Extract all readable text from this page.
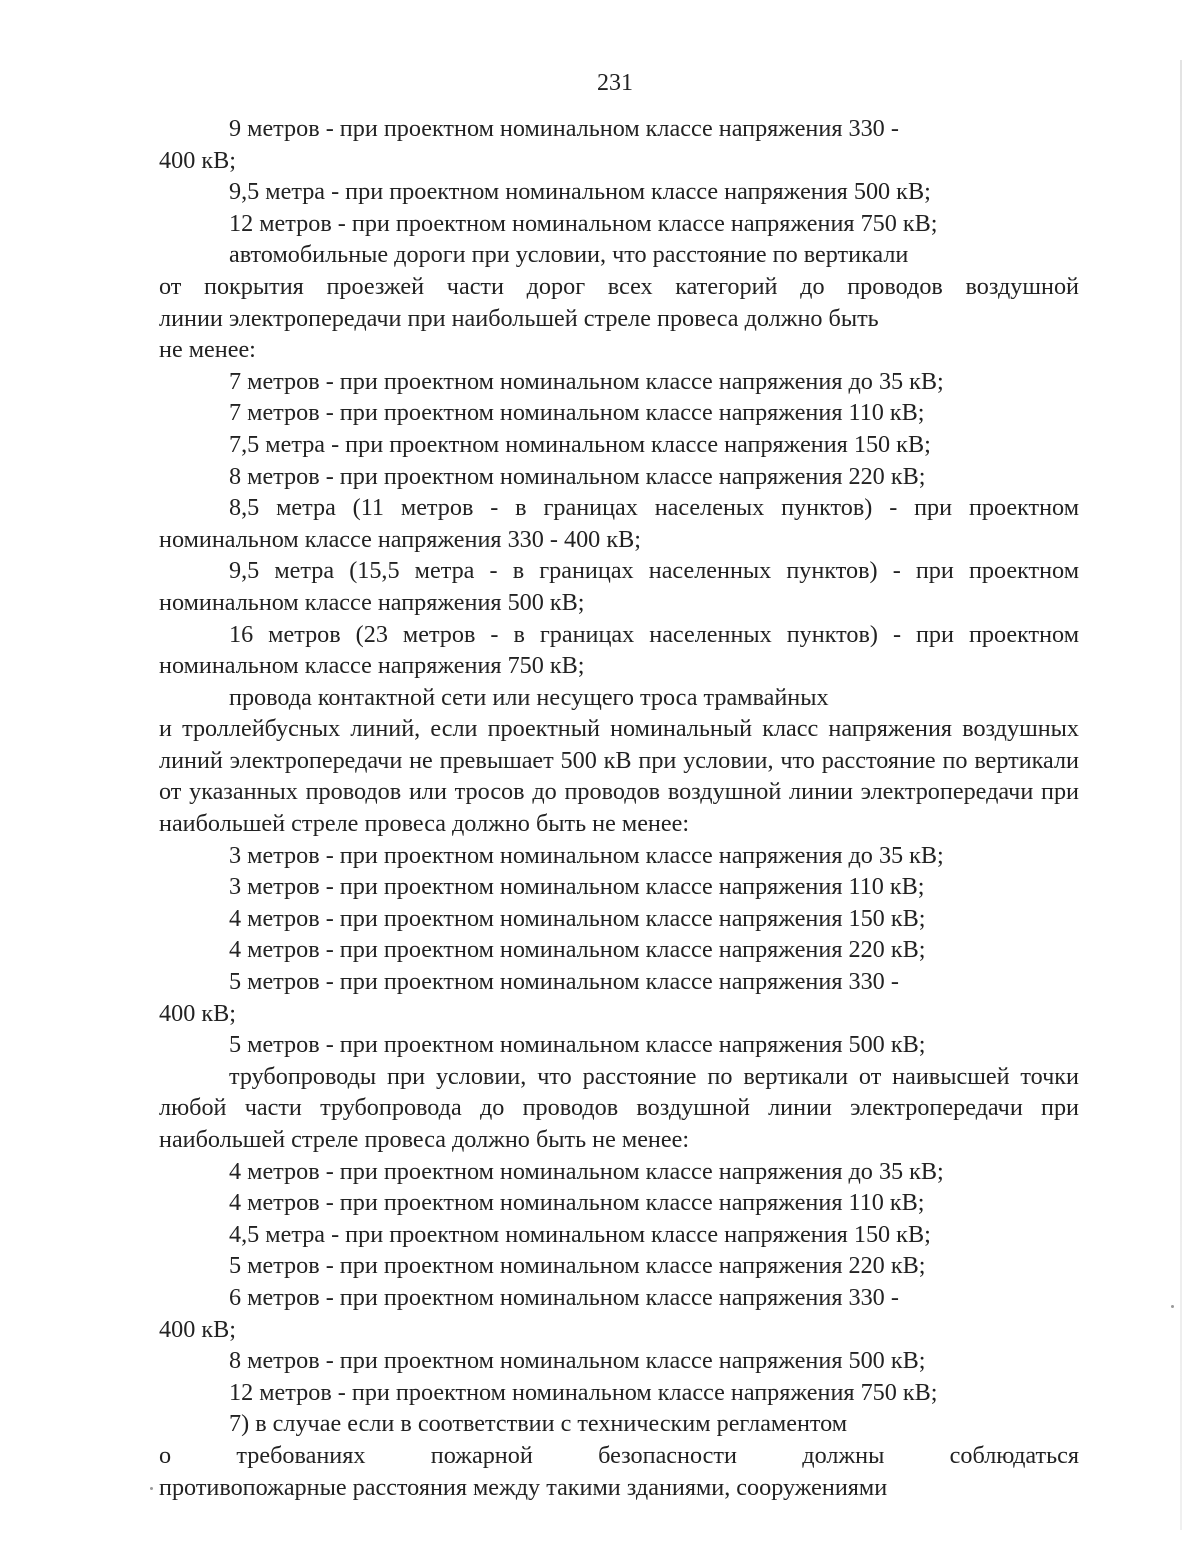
231

9 метров - при проектном номинальном классе напряжения 330 -

400 кВ;

9,5 метра - при проектном номинальном классе напряжения 500 кВ;

12 метров - при проектном номинальном классе напряжения 750 кВ;

автомобильные дороги при условии, что расстояние по вертикали

от покрытия проезжей части дорог всех категорий до проводов воздушной

линии электропередачи при наибольшей стреле провеса должно быть

не менее:

7 метров - при проектном номинальном классе напряжения до 35 кВ;

7 метров - при проектном номинальном классе напряжения 110 кВ;

7,5 метра - при проектном номинальном классе напряжения 150 кВ;

8 метров - при проектном номинальном классе напряжения 220 кВ;

8,5 метра (11 метров - в границах населеных пунктов) - при проектном номинальном классе напряжения 330 - 400 кВ;

9,5 метра (15,5 метра - в границах населенных пунктов) - при проектном номинальном классе напряжения 500 кВ;

16 метров (23 метров - в границах населенных пунктов) - при проектном номинальном классе напряжения 750 кВ;

провода контактной сети или несущего троса трамвайных

и троллейбусных линий, если проектный номинальный класс напряжения воздушных линий электропередачи не превышает 500 кВ при условии, что расстояние по вертикали от указанных проводов или тросов до проводов воздушной линии электропередачи при наибольшей стреле провеса должно быть не менее:

3 метров - при проектном номинальном классе напряжения до 35 кВ;

3 метров - при проектном номинальном классе напряжения 110 кВ;

4 метров - при проектном номинальном классе напряжения 150 кВ;

4 метров - при проектном номинальном классе напряжения 220 кВ;

5 метров - при проектном номинальном классе напряжения 330 -

400 кВ;

5 метров - при проектном номинальном классе напряжения 500 кВ;

трубопроводы при условии, что расстояние по вертикали от наивысшей точки любой части трубопровода до проводов воздушной линии электропередачи при наибольшей стреле провеса должно быть не менее:

4 метров - при проектном номинальном классе напряжения до 35 кВ;

4 метров - при проектном номинальном классе напряжения 110 кВ;

4,5 метра - при проектном номинальном классе напряжения 150 кВ;

5 метров - при проектном номинальном классе напряжения 220 кВ;

6 метров - при проектном номинальном классе напряжения 330 -

400 кВ;

8 метров - при проектном номинальном классе напряжения 500 кВ;

12 метров - при проектном номинальном классе напряжения 750 кВ;

7) в случае если в соответствии с техническим регламентом

о требованиях пожарной безопасности должны соблюдаться

противопожарные расстояния между такими зданиями, сооружениями
